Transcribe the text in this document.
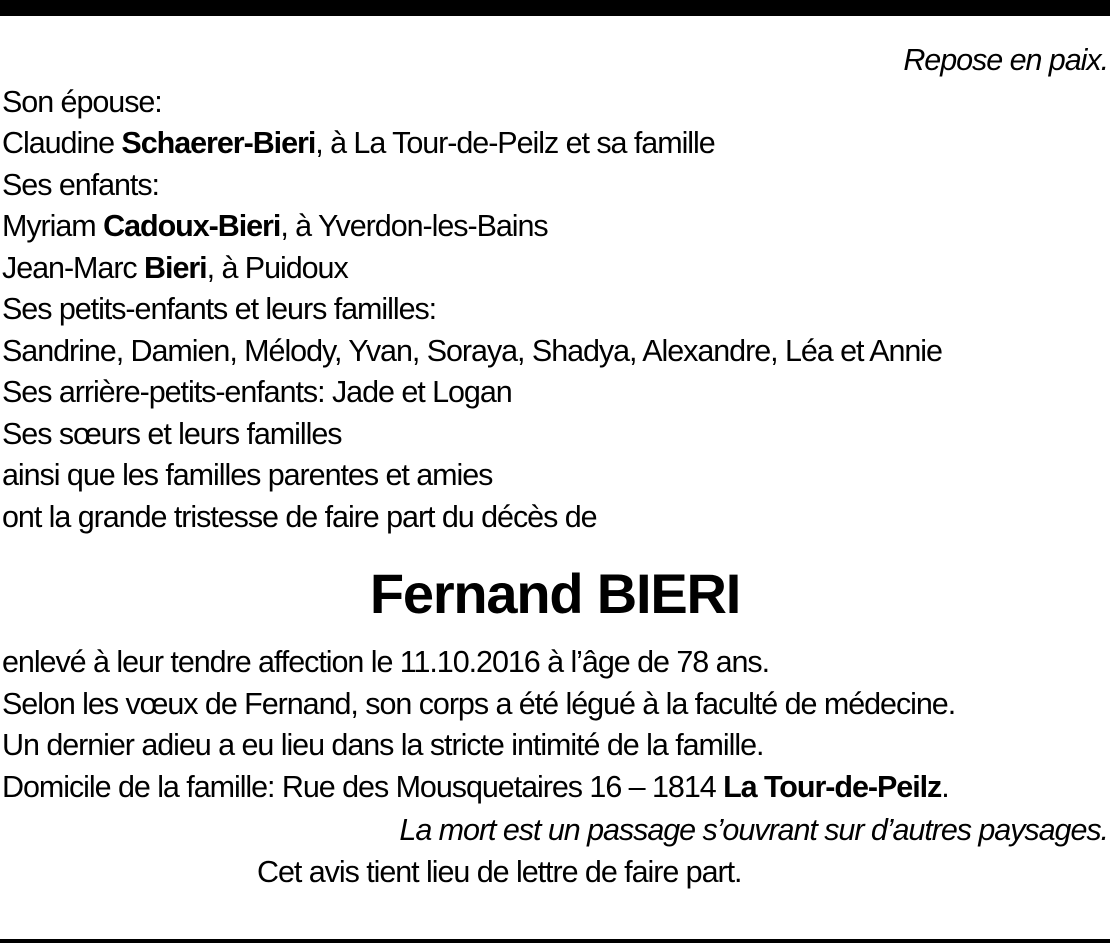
Repose en paix.
Son épouse:
Claudine Schaerer-Bieri, à La Tour-de-Peilz et sa famille
Ses enfants:
Myriam Cadoux-Bieri, à Yverdon-les-Bains
Jean-Marc Bieri, à Puidoux
Ses petits-enfants et leurs familles:
Sandrine, Damien, Mélody, Yvan, Soraya, Shadya, Alexandre, Léa et Annie
Ses arrière-petits-enfants: Jade et Logan
Ses sœurs et leurs familles
ainsi que les familles parentes et amies
ont la grande tristesse de faire part du décès de
Fernand BIERI
enlevé à leur tendre affection le 11.10.2016 à l’âge de 78 ans.
Selon les vœux de Fernand, son corps a été légué à la faculté de médecine.
Un dernier adieu a eu lieu dans la stricte intimité de la famille.
Domicile de la famille: Rue des Mousquetaires 16 – 1814 La Tour-de-Peilz.
La mort est un passage s’ouvrant sur d’autres paysages.
Cet avis tient lieu de lettre de faire part.
